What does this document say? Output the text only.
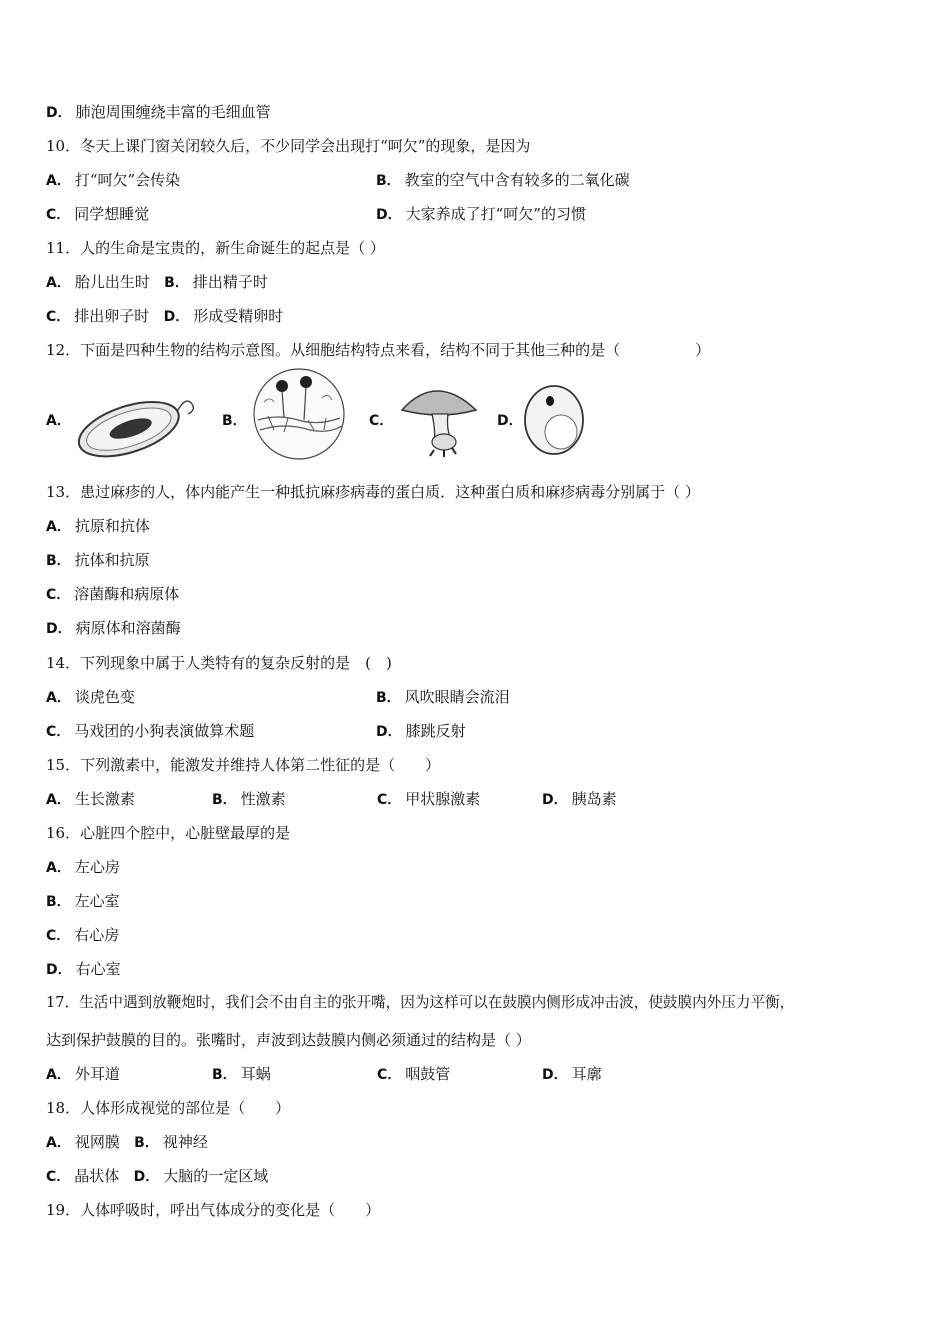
D． 肺泡周围缠绕丰富的毛细血管
10．冬天上课门窗关闭较久后，不少同学会出现打“呵欠”的现象，是因为
A． 打“呵欠”会传染	B． 教室的空气中含有较多的二氧化碳
C． 同学想睡觉	D． 大家养成了打“呵欠”的习惯
11．人的生命是宝贵的，新生命诞生的起点是（ ）
A． 胎儿出生时 B． 排出精子时
C． 排出卵子时 D． 形成受精卵时
12．下面是四种生物的结构示意图。从细胞结构特点来看，结构不同于其他三种的是（　　　　　）
A．	B．	C．	D．
13．患过麻疹的人，体内能产生一种抵抗麻疹病毒的蛋白质．这种蛋白质和麻疹病毒分别属于（ ）
A． 抗原和抗体
B． 抗体和抗原
C． 溶菌酶和病原体
D． 病原体和溶菌酶
14．下列现象中属于人类特有的复杂反射的是　(　)
A． 谈虎色变	B． 风吹眼睛会流泪
C． 马戏团的小狗表演做算术题	D． 膝跳反射
15．下列激素中，能激发并维持人体第二性征的是（　　）
A． 生长激素	B． 性激素	C． 甲状腺激素	D． 胰岛素
16．心脏四个腔中，心脏壁最厚的是
A． 左心房
B． 左心室
C． 右心房
D． 右心室
17．生活中遇到放鞭炮时，我们会不由自主的张开嘴，因为这样可以在鼓膜内侧形成冲击波，使鼓膜内外压力平衡，
达到保护鼓膜的目的。张嘴时，声波到达鼓膜内侧必须通过的结构是（ ）
A． 外耳道	B． 耳蜗	C． 咽鼓管	D． 耳廓
18．人体形成视觉的部位是（　　）
A． 视网膜 B． 视神经
C． 晶状体 D． 大脑的一定区域
19．人体呼吸时，呼出气体成分的变化是（　　）
